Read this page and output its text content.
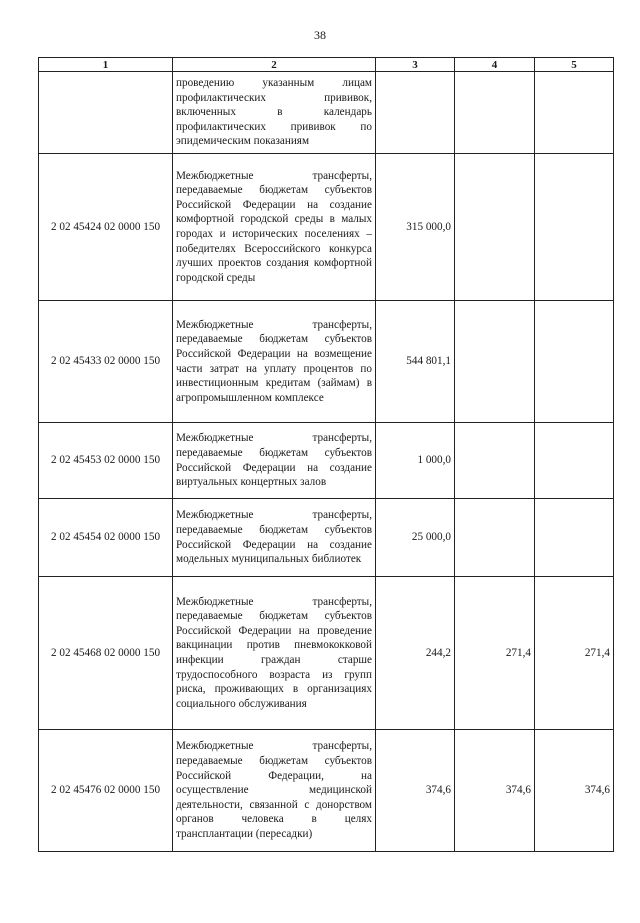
38
1	2	3	4	5
	проведению указанным лицам профилактических прививок, включенных в календарь профилактических прививок по эпидемическим показаниям			
2 02 45424 02 0000 150	Межбюджетные трансферты, передаваемые бюджетам субъектов Российской Федерации на создание комфортной городской среды в малых городах и исторических поселениях – победителях Всероссийского конкурса лучших проектов создания комфортной городской среды	315 000,0		
2 02 45433 02 0000 150	Межбюджетные трансферты, передаваемые бюджетам субъектов Российской Федерации на возмещение части затрат на уплату процентов по инвестиционным кредитам (займам) в агропромышленном комплексе	544 801,1		
2 02 45453 02 0000 150	Межбюджетные трансферты, передаваемые бюджетам субъектов Российской Федерации на создание виртуальных концертных залов	1 000,0		
2 02 45454 02 0000 150	Межбюджетные трансферты, передаваемые бюджетам субъектов Российской Федерации на создание модельных муниципальных библиотек	25 000,0		
2 02 45468 02 0000 150	Межбюджетные трансферты, передаваемые бюджетам субъектов Российской Федерации на проведение вакцинации против пневмококковой инфекции граждан старше трудоспособного возраста из групп риска, проживающих в организациях социального обслуживания	244,2	271,4	271,4
2 02 45476 02 0000 150	Межбюджетные трансферты, передаваемые бюджетам субъектов Российской Федерации, на осуществление медицинской деятельности, связанной с донорством органов человека в целях трансплантации (пересадки)	374,6	374,6	374,6
